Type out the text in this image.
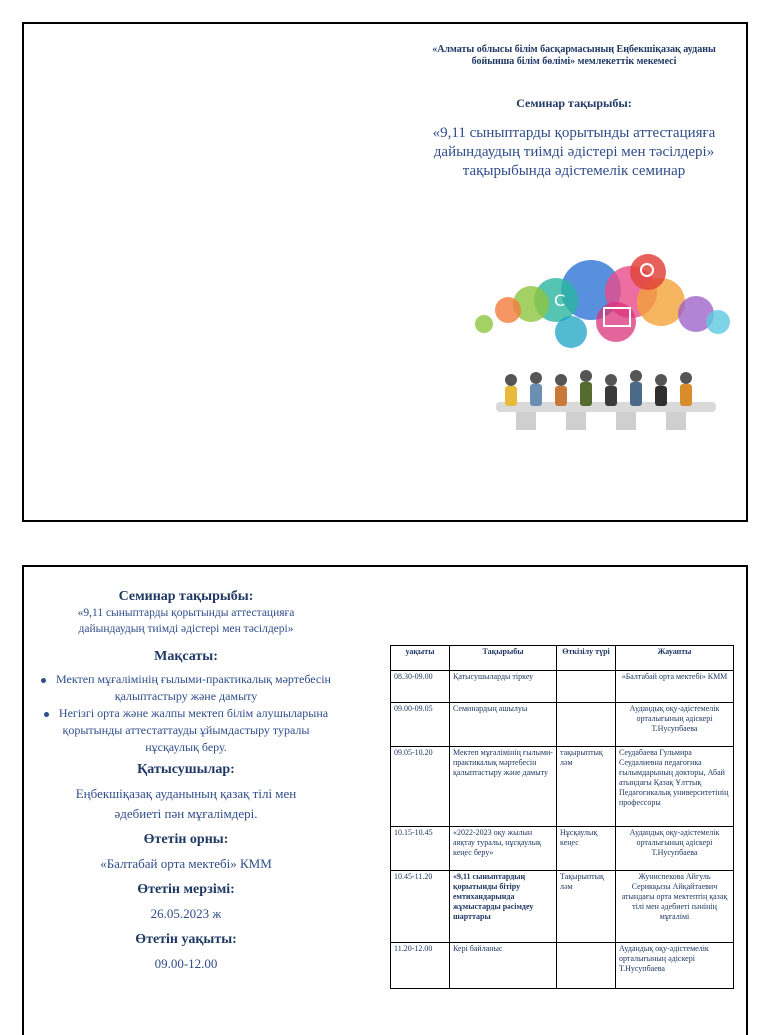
«Алматы облысы білім басқармасының Еңбекшіқазақ ауданы
бойынша білім бөлімі» мемлекеттік мекемесі
Семинар тақырыбы:
«9,11 сыныптарды қорытынды аттестацияға
дайындаудың тиімді әдістері мен тәсілдері»
тақырыбында әдістемелік семинар
C
Семинар тақырыбы:
«9,11 сыныптарды қорытынды аттестацияға
дайындаудың тиімді әдістері мен тәсілдері»
Мақсаты:
Мектеп мұғалімінің ғылыми-практикалық мәртебесін қалыптастыру және дамыту
Негізгі орта және жалпы мектеп білім алушыларына қорытынды аттестаттауды ұйымдастыру туралы нұсқаулық беру.
Қатысушылар:
Еңбекшіқазақ ауданының қазақ тілі мен
әдебиеті пән мұғалімдері.
Өтетін орны:
«Балтабай орта мектебі» КММ
Өтетін мерзімі:
26.05.2023 ж
Өтетін уақыты:
09.00-12.00
уақыты	Тақырыбы	Өткізілу түрі	Жауапты
08.30-09.00	Қатысушыларды тіркеу		«Балтабай орта мектебі» КММ
09.00-09.05	Семинардың ашылуы		Аудандық оқу-әдістемелік орталығының әдіскері Т.Нусупбаева
09.05-10.20	Мектеп мұғалімінің ғылыми-практикалық мәртебесін қалыптастыру және дамыту	тақырыптық ләм	Сеудабаева Гульмира Сеудалиевна педагогика ғылымдарының докторы, Абай атындағы Қазақ Ұлттық Педагогикалық университетінің профессоры
10.15-10.45	«2022-2023 оқу жылын аяқтау туралы, нұсқаулық кеңес беру»	Нұсқаулық кеңес	Аудандық оқу-әдістемелік орталығының әдіскері Т.Нусупбаева
10.45-11.20	«9,11 сыныптардың қорытынды бітіру емтихандарында жұмыстарды рәсімдеу шарттары	Тақырыптық ләм	Жуниспекова Айгуль Серикқызы Айқайтаевич атындағы орта мектептің қазақ тілі мен әдебиеті пәнінің мұғалімі
11.20-12.00	Кері байланыс		Аудандық оқу-әдістемелік орталығының әдіскері Т.Нусупбаева
